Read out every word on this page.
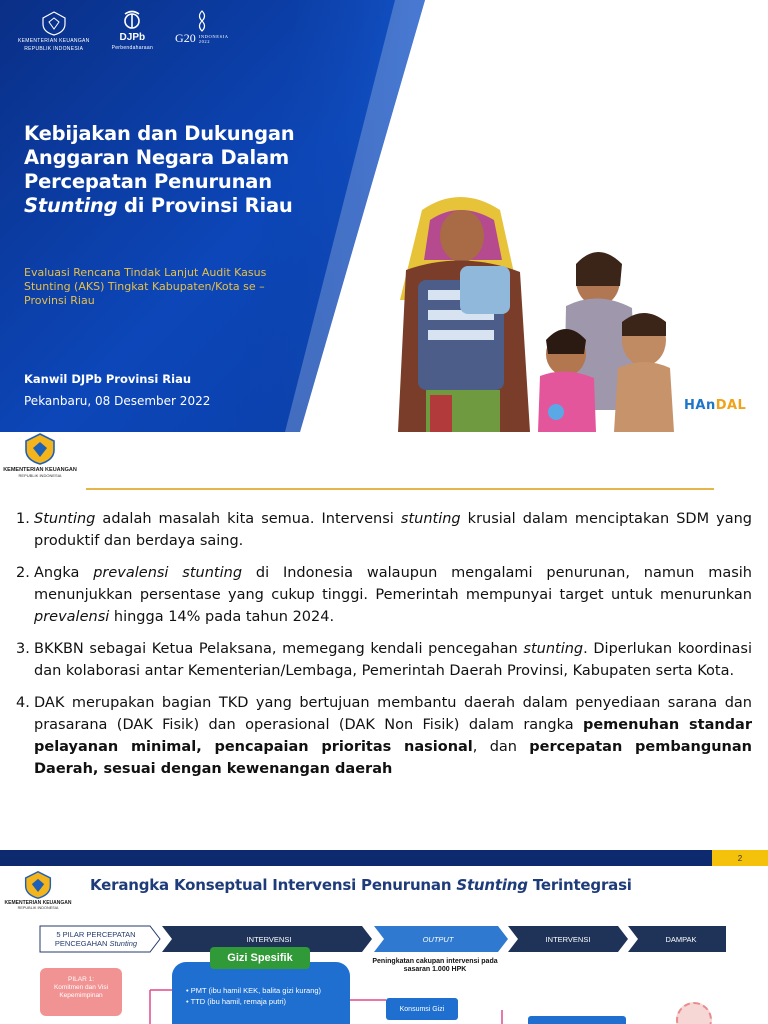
KEMENTERIAN KEUANGAN
REPUBLIK INDONESIA
DJPb
Perbendaharaan
G20 INDONESIA
2022
Kebijakan dan Dukungan
Anggaran Negara Dalam
Percepatan Penurunan
Stunting di Provinsi Riau

Evaluasi Rencana Tindak Lanjut Audit Kasus Stunting (AKS) Tingkat Kabupaten/Kota se – Provinsi Riau

Kanwil DJPb Provinsi Riau

Pekanbaru, 08 Desember 2022	HAnDAL
KEMENTERIAN KEUANGAN
REPUBLIK INDONESIA
1. Stunting adalah masalah kita semua. Intervensi stunting krusial dalam menciptakan SDM yang produktif dan berdaya saing.
2. Angka prevalensi stunting di Indonesia walaupun mengalami penurunan, namun masih menunjukkan persentase yang cukup tinggi. Pemerintah mempunyai target untuk menurunkan prevalensi hingga 14% pada tahun 2024.
3. BKKBN sebagai Ketua Pelaksana, memegang kendali pencegahan stunting. Diperlukan koordinasi dan kolaborasi antar Kementerian/Lembaga, Pemerintah Daerah Provinsi, Kabupaten serta Kota.
4. DAK merupakan bagian TKD yang bertujuan membantu daerah dalam penyediaan sarana dan prasarana (DAK Fisik) dan operasional (DAK Non Fisik) dalam rangka pemenuhan standar pelayanan minimal, pencapaian prioritas nasional, dan percepatan pembangunan Daerah, sesuai dengan kewenangan daerah
2
KEMENTERIAN KEUANGAN
REPUBLIK INDONESIA
Kerangka Konseptual Intervensi Penurunan Stunting Terintegrasi
5 PILAR PERCEPATAN
PENCEGAHAN Stunting	INTERVENSI	OUTPUT	INTERVENSI	DAMPAK
PILAR 1:
Komitmen dan Visi Kepemimpinan
• PMT (ibu hamil KEK, balita gizi kurang)
• TTD (ibu hamil, remaja putri)
Gizi Spesifik	Peningkatan cakupan intervensi pada sasaran 1.000 HPK
Konsumsi Gizi
